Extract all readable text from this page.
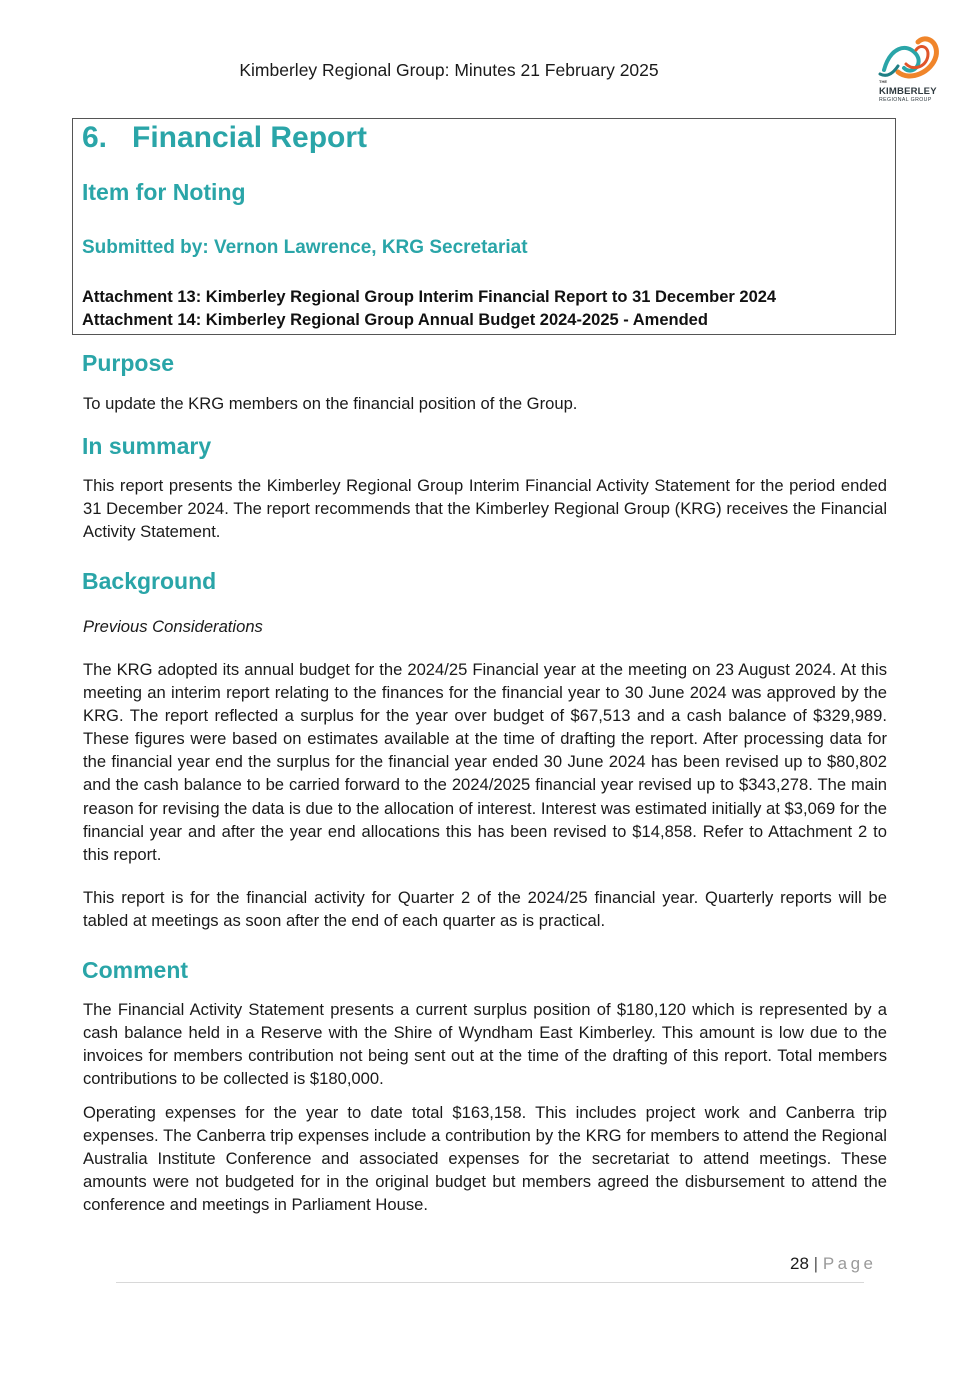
Kimberley Regional Group: Minutes 21 February 2025
THE
KIMBERLEY
REGIONAL GROUP
6. Financial Report
Item for Noting
Submitted by: Vernon Lawrence, KRG Secretariat
Attachment 13: Kimberley Regional Group Interim Financial Report to 31 December 2024
Attachment 14: Kimberley Regional Group Annual Budget 2024-2025 - Amended
Purpose

To update the KRG members on the financial position of the Group.

In summary

This report presents the Kimberley Regional Group Interim Financial Activity Statement for the period ended 31 December 2024. The report recommends that the Kimberley Regional Group (KRG) receives the Financial Activity Statement.

Background

Previous Considerations

The KRG adopted its annual budget for the 2024/25 Financial year at the meeting on 23 August 2024. At this meeting an interim report relating to the finances for the financial year to 30 June 2024 was approved by the KRG. The report reflected a surplus for the year over budget of $67,513 and a cash balance of $329,989. These figures were based on estimates available at the time of drafting the report. After processing data for the financial year end the surplus for the financial year ended 30 June 2024 has been revised up to $80,802 and the cash balance to be carried forward to the 2024/2025 financial year revised up to $343,278. The main reason for revising the data is due to the allocation of interest. Interest was estimated initially at $3,069 for the financial year and after the year end allocations this has been revised to $14,858. Refer to Attachment 2 to this report.

This report is for the financial activity for Quarter 2 of the 2024/25 financial year. Quarterly reports will be tabled at meetings as soon after the end of each quarter as is practical.

Comment

The Financial Activity Statement presents a current surplus position of $180,120 which is represented by a cash balance held in a Reserve with the Shire of Wyndham East Kimberley. This amount is low due to the invoices for members contribution not being sent out at the time of the drafting of this report. Total members contributions to be collected is $180,000.

Operating expenses for the year to date total $163,158. This includes project work and Canberra trip expenses. The Canberra trip expenses include a contribution by the KRG for members to attend the Regional Australia Institute Conference and associated expenses for the secretariat to attend meetings. These amounts were not budgeted for in the original budget but members agreed the disbursement to attend the conference and meetings in Parliament House.

28 | Page
